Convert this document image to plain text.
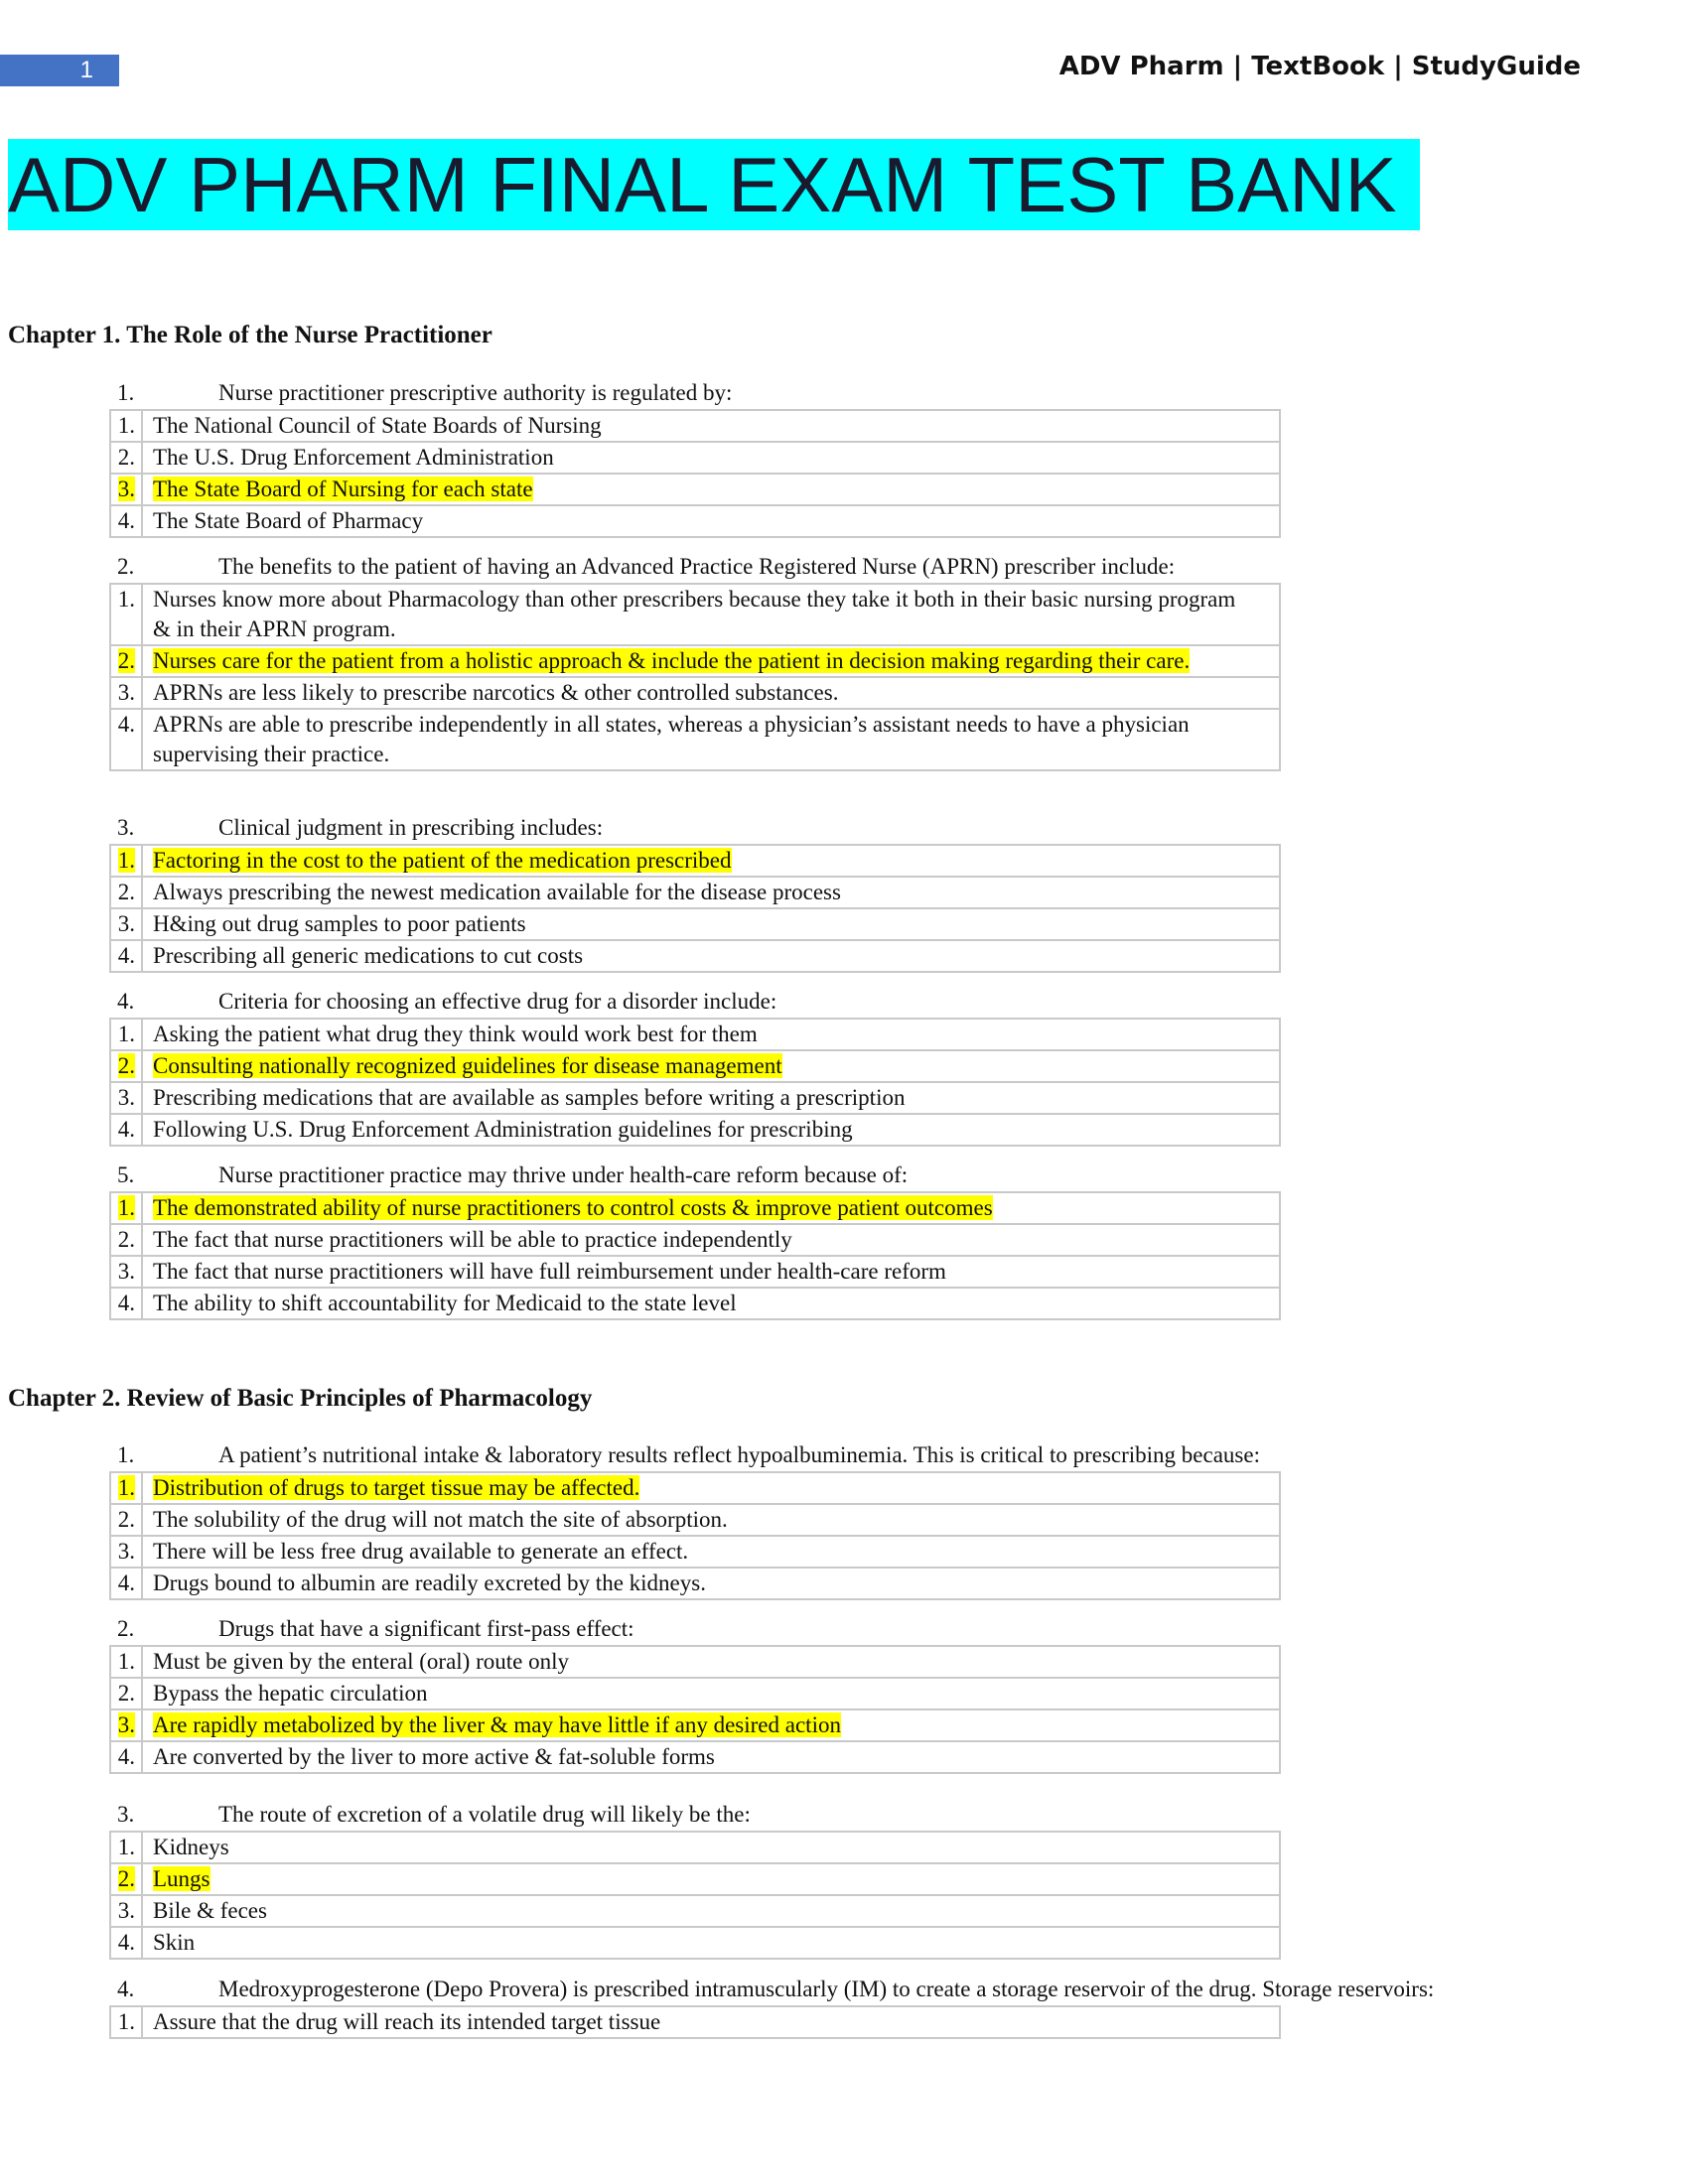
1	ADV Pharm | TextBook | StudyGuide
ADV PHARM FINAL EXAM TEST BANK
Chapter 1. The Role of the Nurse Practitioner
1.	Nurse practitioner prescriptive authority is regulated by:
1. The National Council of State Boards of Nursing
2. The U.S. Drug Enforcement Administration
3. The State Board of Nursing for each state
4. The State Board of Pharmacy
2.	The benefits to the patient of having an Advanced Practice Registered Nurse (APRN) prescriber include:
1. Nurses know more about Pharmacology than other prescribers because they take it both in their basic nursing program & in their APRN program.
2. Nurses care for the patient from a holistic approach & include the patient in decision making regarding their care.
3. APRNs are less likely to prescribe narcotics & other controlled substances.
4. APRNs are able to prescribe independently in all states, whereas a physician’s assistant needs to have a physician supervising their practice.
3.	Clinical judgment in prescribing includes:
1. Factoring in the cost to the patient of the medication prescribed
2. Always prescribing the newest medication available for the disease process
3. H&ing out drug samples to poor patients
4. Prescribing all generic medications to cut costs
4.	Criteria for choosing an effective drug for a disorder include:
1. Asking the patient what drug they think would work best for them
2. Consulting nationally recognized guidelines for disease management
3. Prescribing medications that are available as samples before writing a prescription
4. Following U.S. Drug Enforcement Administration guidelines for prescribing
5.	Nurse practitioner practice may thrive under health-care reform because of:
1. The demonstrated ability of nurse practitioners to control costs & improve patient outcomes
2. The fact that nurse practitioners will be able to practice independently
3. The fact that nurse practitioners will have full reimbursement under health-care reform
4. The ability to shift accountability for Medicaid to the state level
Chapter 2. Review of Basic Principles of Pharmacology
1.	A patient’s nutritional intake & laboratory results reflect hypoalbuminemia. This is critical to prescribing because:
1. Distribution of drugs to target tissue may be affected.
2. The solubility of the drug will not match the site of absorption.
3. There will be less free drug available to generate an effect.
4. Drugs bound to albumin are readily excreted by the kidneys.
2.	Drugs that have a significant first-pass effect:
1. Must be given by the enteral (oral) route only
2. Bypass the hepatic circulation
3. Are rapidly metabolized by the liver & may have little if any desired action
4. Are converted by the liver to more active & fat-soluble forms
3.	The route of excretion of a volatile drug will likely be the:
1. Kidneys
2. Lungs
3. Bile & feces
4. Skin
4.	Medroxyprogesterone (Depo Provera) is prescribed intramuscularly (IM) to create a storage reservoir of the drug. Storage reservoirs:
1. Assure that the drug will reach its intended target tissue
